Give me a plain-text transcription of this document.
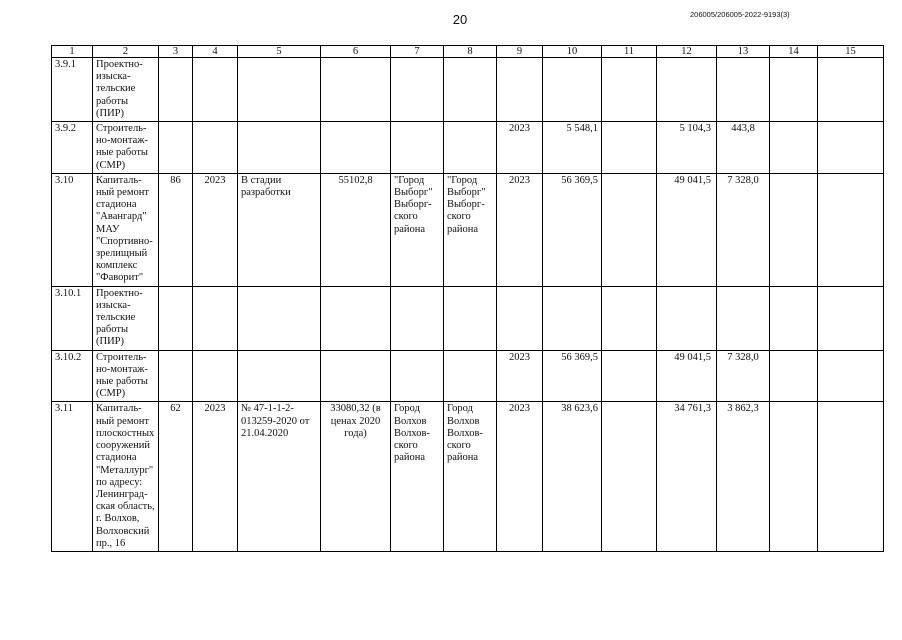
20	206005/206005-2022-9193(3)
1	2	3	4	5	6	7	8	9	10	11	12	13	14	15
3.9.1	Проектно-изыска-тельские работы (ПИР)													
3.9.2	Строитель-но-монтаж-ные работы (СМР)							2023	5 548,1		5 104,3	443,8		
3.10	Капиталь-ный ремонт стадиона "Авангард" МАУ "Спортивно-зрелищный комплекс "Фаворит"	86	2023	В стадии разработки	55102,8	"Город Выборг" Выборг-ского района	"Город Выборг" Выборг-ского района	2023	56 369,5		49 041,5	7 328,0		
3.10.1	Проектно-изыска-тельские работы (ПИР)													
3.10.2	Строитель-но-монтаж-ные работы (СМР)							2023	56 369,5		49 041,5	7 328,0		
3.11	Капиталь-ный ремонт плоскостных сооружений стадиона "Металлург" по адресу: Ленинград-ская область, г. Волхов, Волховский пр., 16	62	2023	№ 47-1-1-2-013259-2020 от 21.04.2020	33080,32 (в ценах 2020 года)	Город Волхов Волхов-ского района	Город Волхов Волхов-ского района	2023	38 623,6		34 761,3	3 862,3		
